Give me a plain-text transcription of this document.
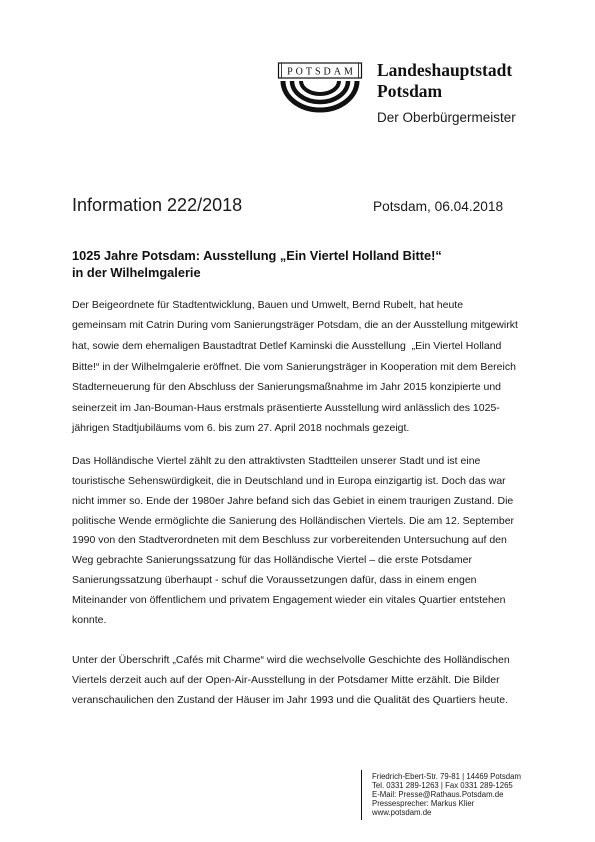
POTSDAM Landeshauptstadt
Potsdam
Der Oberbürgermeister
Information 222/2018	Potsdam, 06.04.2018
1025 Jahre Potsdam: Ausstellung „Ein Viertel Holland Bitte!“
in der Wilhelmgalerie
Der Beigeordnete für Stadtentwicklung, Bauen und Umwelt, Bernd Rubelt, hat heute
gemeinsam mit Catrin During vom Sanierungsträger Potsdam, die an der Ausstellung mitgewirkt
hat, sowie dem ehemaligen Baustadtrat Detlef Kaminski die Ausstellung  „Ein Viertel Holland
Bitte!“ in der Wilhelmgalerie eröffnet. Die vom Sanierungsträger in Kooperation mit dem Bereich
Stadterneuerung für den Abschluss der Sanierungsmaßnahme im Jahr 2015 konzipierte und
seinerzeit im Jan-Bouman-Haus erstmals präsentierte Ausstellung wird anlässlich des 1025-
jährigen Stadtjubiläums vom 6. bis zum 27. April 2018 nochmals gezeigt.
Das Holländische Viertel zählt zu den attraktivsten Stadtteilen unserer Stadt und ist eine
touristische Sehenswürdigkeit, die in Deutschland und in Europa einzigartig ist. Doch das war
nicht immer so. Ende der 1980er Jahre befand sich das Gebiet in einem traurigen Zustand. Die
politische Wende ermöglichte die Sanierung des Holländischen Viertels. Die am 12. September
1990 von den Stadtverordneten mit dem Beschluss zur vorbereitenden Untersuchung auf den
Weg gebrachte Sanierungssatzung für das Holländische Viertel – die erste Potsdamer
Sanierungssatzung überhaupt - schuf die Voraussetzungen dafür, dass in einem engen
Miteinander von öffentlichem und privatem Engagement wieder ein vitales Quartier entstehen
konnte.
Unter der Überschrift „Cafés mit Charme“ wird die wechselvolle Geschichte des Holländischen
Viertels derzeit auch auf der Open-Air-Ausstellung in der Potsdamer Mitte erzählt. Die Bilder
veranschaulichen den Zustand der Häuser im Jahr 1993 und die Qualität des Quartiers heute.
Friedrich-Ebert-Str. 79-81 | 14469 Potsdam
Tel. 0331 289-1263 | Fax 0331 289-1265
E-Mail: Presse@Rathaus.Potsdam.de
Pressesprecher: Markus Klier
www.potsdam.de
